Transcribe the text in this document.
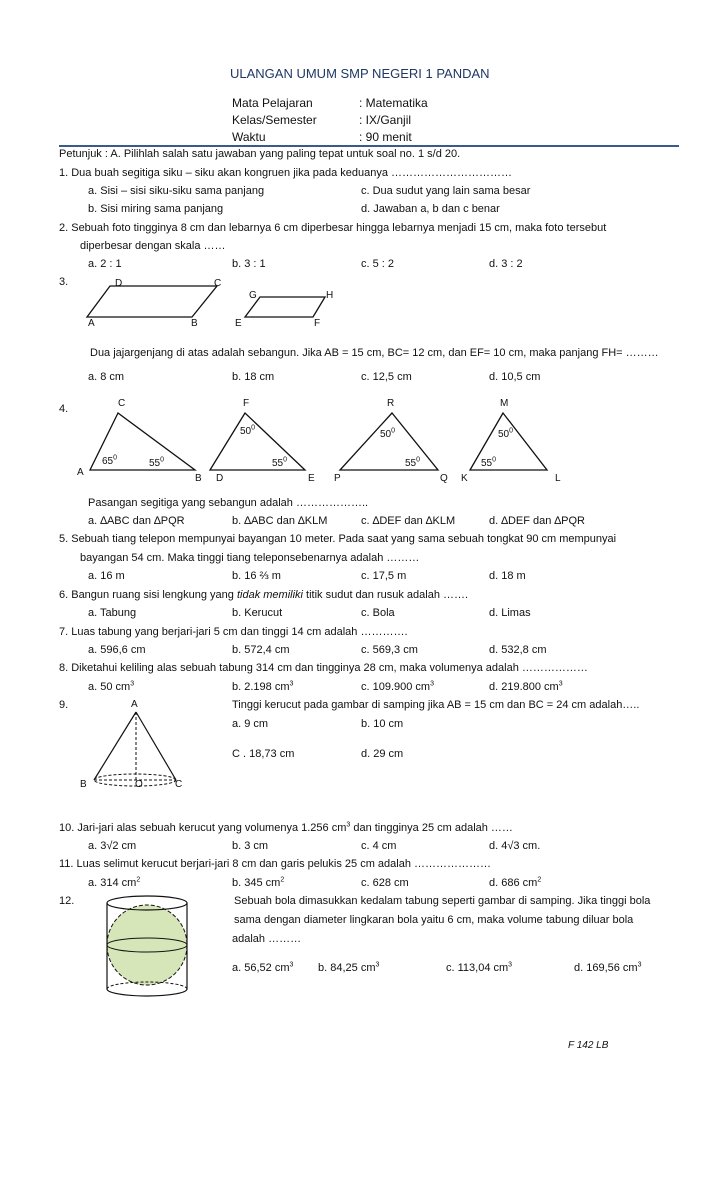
ULANGAN UMUM SMP NEGERI 1 PANDAN
Mata Pelajaran	: Matematika
Kelas/Semester	: IX/Ganjil
Waktu	: 90 menit
Petunjuk : A. Pilihlah salah satu jawaban yang paling tepat untuk soal no. 1 s/d 20.
1. Dua buah segitiga siku – siku akan kongruen jika pada keduanya ……………………………
a. Sisi – sisi siku-siku sama panjang	c. Dua sudut yang lain sama besar
b. Sisi miring sama panjang	d. Jawaban a, b dan c benar
2. Sebuah foto tingginya 8 cm dan lebarnya 6 cm diperbesar hingga lebarnya menjadi 15 cm, maka foto tersebut
diperbesar dengan skala ……
a. 2 : 1	b. 3 : 1	c. 5 : 2	d. 3 : 2
3.	D	C
G	H
A	B	E	F
Dua jajargenjang di atas adalah sebangun. Jika AB = 15 cm, BC= 12 cm, dan EF= 10 cm, maka panjang FH= ………
a. 8 cm	b. 18 cm	c. 12,5 cm	d. 10,5 cm
4.	C	F	R	M
$50^0$
$50^0$	$50^0$
$65^0$	$55^0$	$55^0$	$55^0$	$55^0$
A
B D	E P	Q K	L
Pasangan segitiga yang sebangun adalah ………………..
a. ∆ABC dan ∆PQR	b. ∆ABC dan ∆KLM	c. ∆DEF dan ∆KLM	d. ∆DEF dan ∆PQR
5. Sebuah tiang telepon mempunyai bayangan 10 meter. Pada saat yang sama sebuah tongkat 90 cm mempunyai
bayangan 54 cm. Maka tinggi tiang teleponsebenarnya adalah ………
a. 16 m	b. 16 ⅔ m	c. 17,5 m	d. 18 m
6. Bangun ruang sisi lengkung yang tidak memiliki titik sudut dan rusuk adalah …….
a. Tabung	b. Kerucut	c. Bola	d. Limas
7. Luas tabung yang berjari-jari 5 cm dan tinggi 14 cm adalah ………….
a. 596,6 cm	b. 572,4 cm	c. 569,3 cm	d. 532,8 cm
8. Diketahui keliling alas sebuah tabung 314 cm dan tingginya 28 cm, maka volumenya adalah ………………
a. 50 $cm^3$	b. 2.198 $cm^3$	c. 109.900 $cm^3$	d. 219.800 $cm^3$
9.	A
B	O	C
Tinggi kerucut pada gambar di samping jika AB = 15 cm dan BC = 24 cm adalah…..
a. 9 cm	b. 10 cm
C . 18,73 cm	d. 29 cm
10. Jari-jari alas sebuah kerucut yang volumenya 1.256 $cm^3$ dan tingginya 25 cm adalah ……
a. 3√2 cm	b. 3 cm	c. 4 cm	d. 4√3 cm.
11. Luas selimut kerucut berjari-jari 8 cm dan garis pelukis 25 cm adalah …………………
a. 314 $cm^2$	b. 345 $cm^2$	c. 628 cm	d. 686 $cm^2$
12.	Sebuah bola dimasukkan kedalam tabung seperti gambar di samping. Jika tinggi bola
sama dengan diameter lingkaran bola yaitu 6 cm, maka volume tabung diluar bola
adalah ………
a. 56,52 $cm^3$ b. 84,25 $cm^3$	c. 113,04 $cm^3$	d. 169,56 $cm^3$
F 142 LB
